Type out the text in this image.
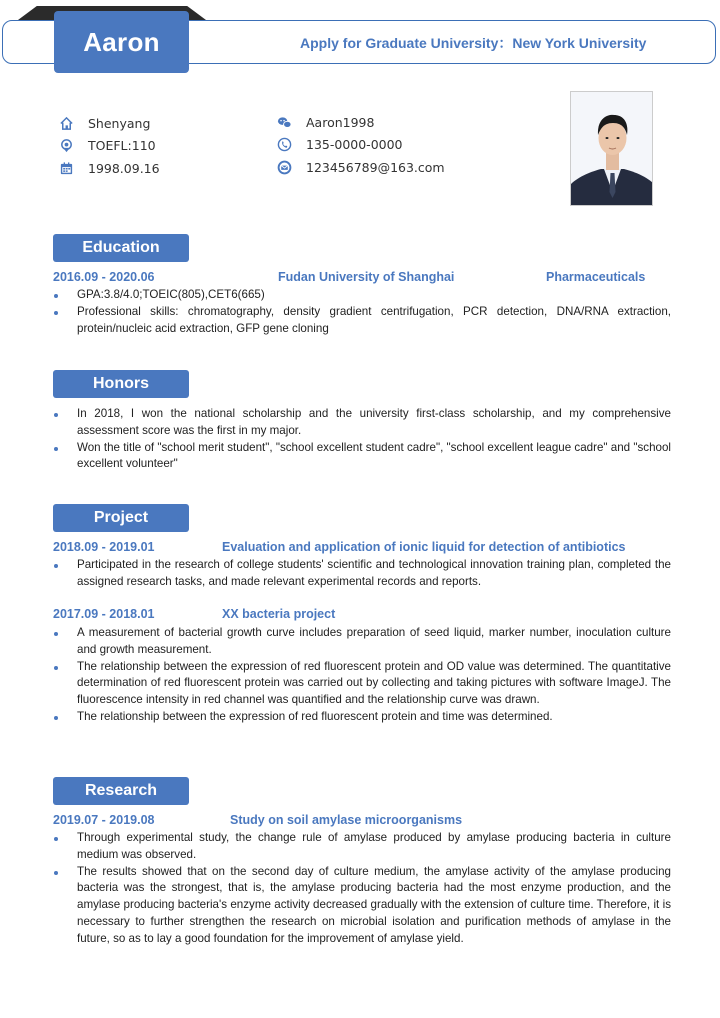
Aaron	Apply for Graduate University：New York University
Shenyang
TOEFL:110
1998.09.16
Aaron1998
135-0000-0000
123456789@163.com
Education
2016.09 - 2020.06	Fudan University of Shanghai	Pharmaceuticals
GPA:3.8/4.0;TOEIC(805),CET6(665)
Professional skills: chromatography, density gradient centrifugation, PCR detection, DNA/RNA extraction, protein/nucleic acid extraction, GFP gene cloning
Honors
In 2018, I won the national scholarship and the university first-class scholarship, and my comprehensive assessment score was the first in my major.
Won the title of "school merit student", "school excellent student cadre", "school excellent league cadre" and "school excellent volunteer"
Project
2018.09 - 2019.01	Evaluation and application of ionic liquid for detection of antibiotics
Participated in the research of college students' scientific and technological innovation training plan, completed the assigned research tasks, and made relevant experimental records and reports.
2017.09 - 2018.01	XX bacteria project
A measurement of bacterial growth curve includes preparation of seed liquid, marker number, inoculation culture and growth measurement.
The relationship between the expression of red fluorescent protein and OD value was determined. The quantitative determination of red fluorescent protein was carried out by collecting and taking pictures with software ImageJ. The fluorescence intensity in red channel was quantified and the relationship curve was drawn.
The relationship between the expression of red fluorescent protein and time was determined.
Research
2019.07 - 2019.08	Study on soil amylase microorganisms
Through experimental study, the change rule of amylase produced by amylase producing bacteria in culture medium was observed.
The results showed that on the second day of culture medium, the amylase activity of the amylase producing bacteria was the strongest, that is, the amylase producing bacteria had the most enzyme production, and the amylase producing bacteria's enzyme activity decreased gradually with the extension of culture time. Therefore, it is necessary to further strengthen the research on microbial isolation and purification methods of amylase in the future, so as to lay a good foundation for the improvement of amylase yield.
